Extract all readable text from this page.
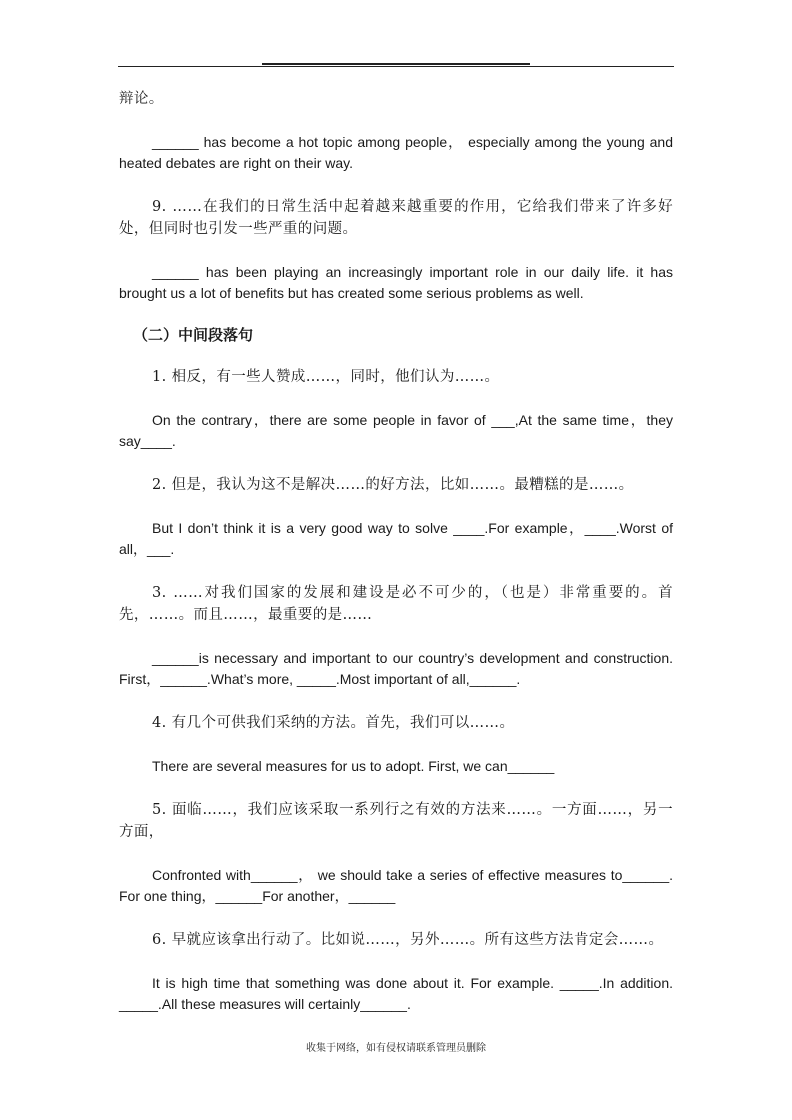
辩论。

______ has become a hot topic among people， especially among the young and heated debates are right on their way.

9. ……在我们的日常生活中起着越来越重要的作用，它给我们带来了许多好处，但同时也引发一些严重的问题。

______ has been playing an increasingly important role in our daily life. it has brought us a lot of benefits but has created some serious problems as well.

（二）中间段落句

1. 相反，有一些人赞成……，同时，他们认为……。

On the contrary，there are some people in favor of ___,At the same time，they say____.

2. 但是，我认为这不是解决……的好方法，比如……。最糟糕的是……。

But I don’t think it is a very good way to solve ____.For example，____.Worst of all，___.

3. ……对我们国家的发展和建设是必不可少的，（也是）非常重要的。首先，……。而且……，最重要的是……

______is necessary and important to our country’s development and construction. First，______.What’s more, _____.Most important of all,______.

4. 有几个可供我们采纳的方法。首先，我们可以……。

There are several measures for us to adopt. First, we can______

5. 面临……，我们应该采取一系列行之有效的方法来……。一方面……，另一方面，

Confronted with______， we should take a series of effective measures to______. For one thing，______For another，______

6. 早就应该拿出行动了。比如说……，另外……。所有这些方法肯定会……。

It is high time that something was done about it. For example. _____.In addition. _____.All these measures will certainly______.

收集于网络，如有侵权请联系管理员删除
